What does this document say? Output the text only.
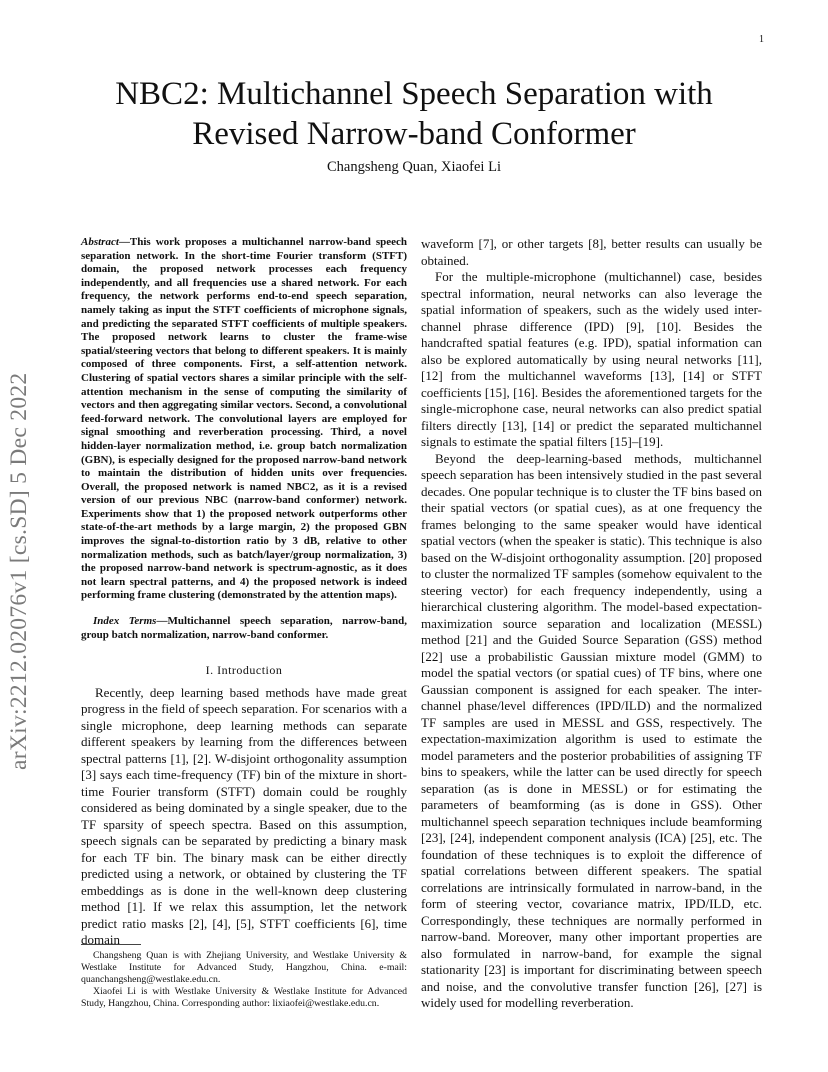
1
arXiv:2212.02076v1 [cs.SD] 5 Dec 2022
NBC2: Multichannel Speech Separation with
Revised Narrow-band Conformer
Changsheng Quan, Xiaofei Li

Abstract—This work proposes a multichannel narrow-band speech separation network. In the short-time Fourier transform (STFT) domain, the proposed network processes each frequency independently, and all frequencies use a shared network. For each frequency, the network performs end-to-end speech separation, namely taking as input the STFT coefficients of microphone signals, and predicting the separated STFT coefficients of multiple speakers. The proposed network learns to cluster the frame-wise spatial/steering vectors that belong to different speakers. It is mainly composed of three components. First, a self-attention network. Clustering of spatial vectors shares a similar principle with the self-attention mechanism in the sense of computing the similarity of vectors and then aggregating similar vectors. Second, a convolutional feed-forward network. The convolutional layers are employed for signal smoothing and reverberation processing. Third, a novel hidden-layer normalization method, i.e. group batch normalization (GBN), is especially designed for the proposed narrow-band network to maintain the distribution of hidden units over frequencies. Overall, the proposed network is named NBC2, as it is a revised version of our previous NBC (narrow-band conformer) network. Experiments show that 1) the proposed network outperforms other state-of-the-art methods by a large margin, 2) the proposed GBN improves the signal-to-distortion ratio by 3 dB, relative to other normalization methods, such as batch/layer/group normalization, 3) the proposed narrow-band network is spectrum-agnostic, as it does not learn spectral patterns, and 4) the proposed network is indeed performing frame clustering (demonstrated by the attention maps).

Index Terms—Multichannel speech separation, narrow-band, group batch normalization, narrow-band conformer.

I. Introduction

Recently, deep learning based methods have made great progress in the field of speech separation. For scenarios with a single microphone, deep learning methods can separate different speakers by learning from the differences between spectral patterns [1], [2]. W-disjoint orthogonality assumption [3] says each time-frequency (TF) bin of the mixture in short-time Fourier transform (STFT) domain could be roughly considered as being dominated by a single speaker, due to the TF sparsity of speech spectra. Based on this assumption, speech signals can be separated by predicting a binary mask for each TF bin. The binary mask can be either directly predicted using a network, or obtained by clustering the TF embeddings as is done in the well-known deep clustering method [1]. If we relax this assumption, let the network predict ratio masks [2], [4], [5], STFT coefficients [6], time domain

Changsheng Quan is with Zhejiang University, and Westlake University & Westlake Institute for Advanced Study, Hangzhou, China. e-mail: quanchangsheng@westlake.edu.cn.

Xiaofei Li is with Westlake University & Westlake Institute for Advanced Study, Hangzhou, China. Corresponding author: lixiaofei@westlake.edu.cn.

waveform [7], or other targets [8], better results can usually be obtained.

For the multiple-microphone (multichannel) case, besides spectral information, neural networks can also leverage the spatial information of speakers, such as the widely used inter-channel phrase difference (IPD) [9], [10]. Besides the handcrafted spatial features (e.g. IPD), spatial information can also be explored automatically by using neural networks [11], [12] from the multichannel waveforms [13], [14] or STFT coefficients [15], [16]. Besides the aforementioned targets for the single-microphone case, neural networks can also predict spatial filters directly [13], [14] or predict the separated multichannel signals to estimate the spatial filters [15]–[19].

Beyond the deep-learning-based methods, multichannel speech separation has been intensively studied in the past several decades. One popular technique is to cluster the TF bins based on their spatial vectors (or spatial cues), as at one frequency the frames belonging to the same speaker would have identical spatial vectors (when the speaker is static). This technique is also based on the W-disjoint orthogonality assumption. [20] proposed to cluster the normalized TF samples (somehow equivalent to the steering vector) for each frequency independently, using a hierarchical clustering algorithm. The model-based expectation-maximization source separation and localization (MESSL) method [21] and the Guided Source Separation (GSS) method [22] use a probabilistic Gaussian mixture model (GMM) to model the spatial vectors (or spatial cues) of TF bins, where one Gaussian component is assigned for each speaker. The inter-channel phase/level differences (IPD/ILD) and the normalized TF samples are used in MESSL and GSS, respectively. The expectation-maximization algorithm is used to estimate the model parameters and the posterior probabilities of assigning TF bins to speakers, while the latter can be used directly for speech separation (as is done in MESSL) or for estimating the parameters of beamforming (as is done in GSS). Other multichannel speech separation techniques include beamforming [23], [24], independent component analysis (ICA) [25], etc. The foundation of these techniques is to exploit the difference of spatial correlations between different speakers. The spatial correlations are intrinsically formulated in narrow-band, in the form of steering vector, covariance matrix, IPD/ILD, etc. Correspondingly, these techniques are normally performed in narrow-band. Moreover, many other important properties are also formulated in narrow-band, for example the signal stationarity [23] is important for discriminating between speech and noise, and the convolutive transfer function [26], [27] is widely used for modelling reverberation.
